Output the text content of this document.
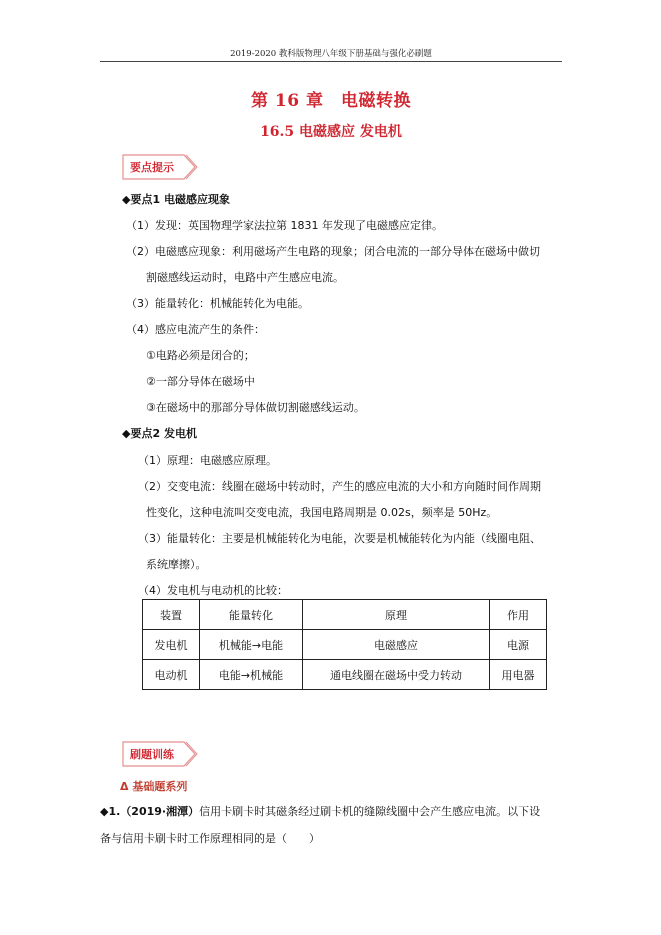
2019-2020 教科版物理八年级下册基础与强化必刷题
第 16 章　电磁转换
16.5 电磁感应 发电机
要点提示
◆要点1 电磁感应现象
（1）发现：英国物理学家法拉第 1831 年发现了电磁感应定律。
（2）电磁感应现象：利用磁场产生电路的现象；闭合电流的一部分导体在磁场中做切
割磁感线运动时，电路中产生感应电流。
（3）能量转化：机械能转化为电能。
（4）感应电流产生的条件：
①电路必须是闭合的；
②一部分导体在磁场中
③在磁场中的那部分导体做切割磁感线运动。
◆要点2 发电机
（1）原理：电磁感应原理。
（2）交变电流：线圈在磁场中转动时，产生的感应电流的大小和方向随时间作周期
性变化，这种电流叫交变电流，我国电路周期是 0.02s，频率是 50Hz。
（3）能量转化：主要是机械能转化为电能，次要是机械能转化为内能（线圈电阻、
系统摩擦）。
（4）发电机与电动机的比较：
装置	能量转化	原理	作用
发电机	机械能→电能	电磁感应	电源
电动机	电能→机械能	通电线圈在磁场中受力转动	用电器
刷题训练
Δ 基础题系列
◆1.（2019·湘潭）信用卡刷卡时其磁条经过刷卡机的缝隙线圈中会产生感应电流。以下设
备与信用卡刷卡时工作原理相同的是（　　）
